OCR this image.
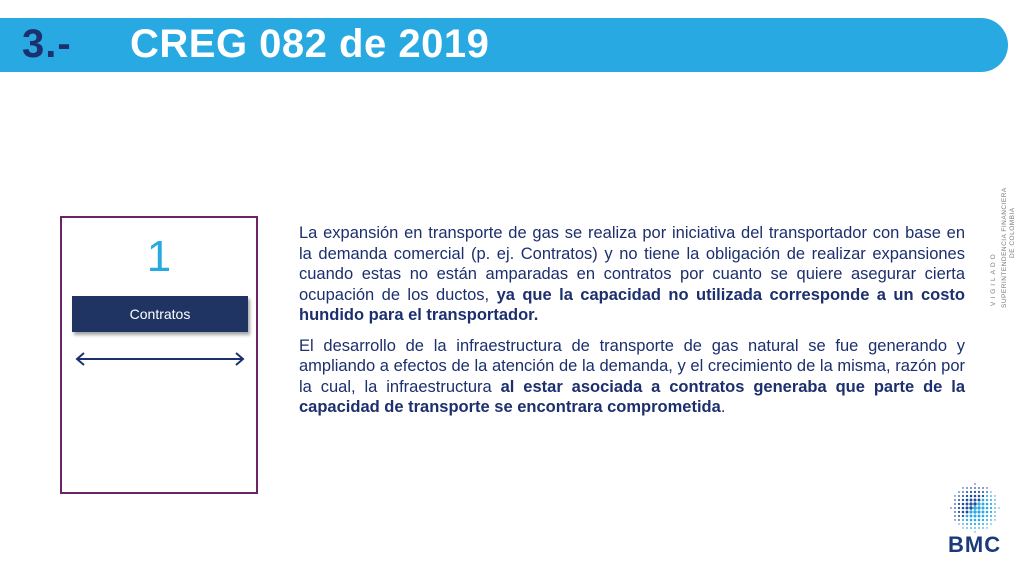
3.- CREG 082 de 2019
1
Contratos

La expansión en transporte de gas se realiza por iniciativa del transportador con base en la demanda comercial (p. ej. Contratos) y no tiene la obligación de realizar expansiones cuando estas no están amparadas en contratos por cuanto se quiere asegurar cierta ocupación de los ductos, ya que la capacidad no utilizada corresponde a un costo hundido para el transportador.

El desarrollo de la infraestructura de transporte de gas natural se fue generando y ampliando a efectos de la atención de la demanda, y el crecimiento de la misma, razón por la cual, la infraestructura al estar asociada a contratos generaba que parte de la capacidad de transporte se encontrara comprometida.

VIGILADO SUPERINTENDENCIA FINANCIERA DE COLOMBIA
BMC
